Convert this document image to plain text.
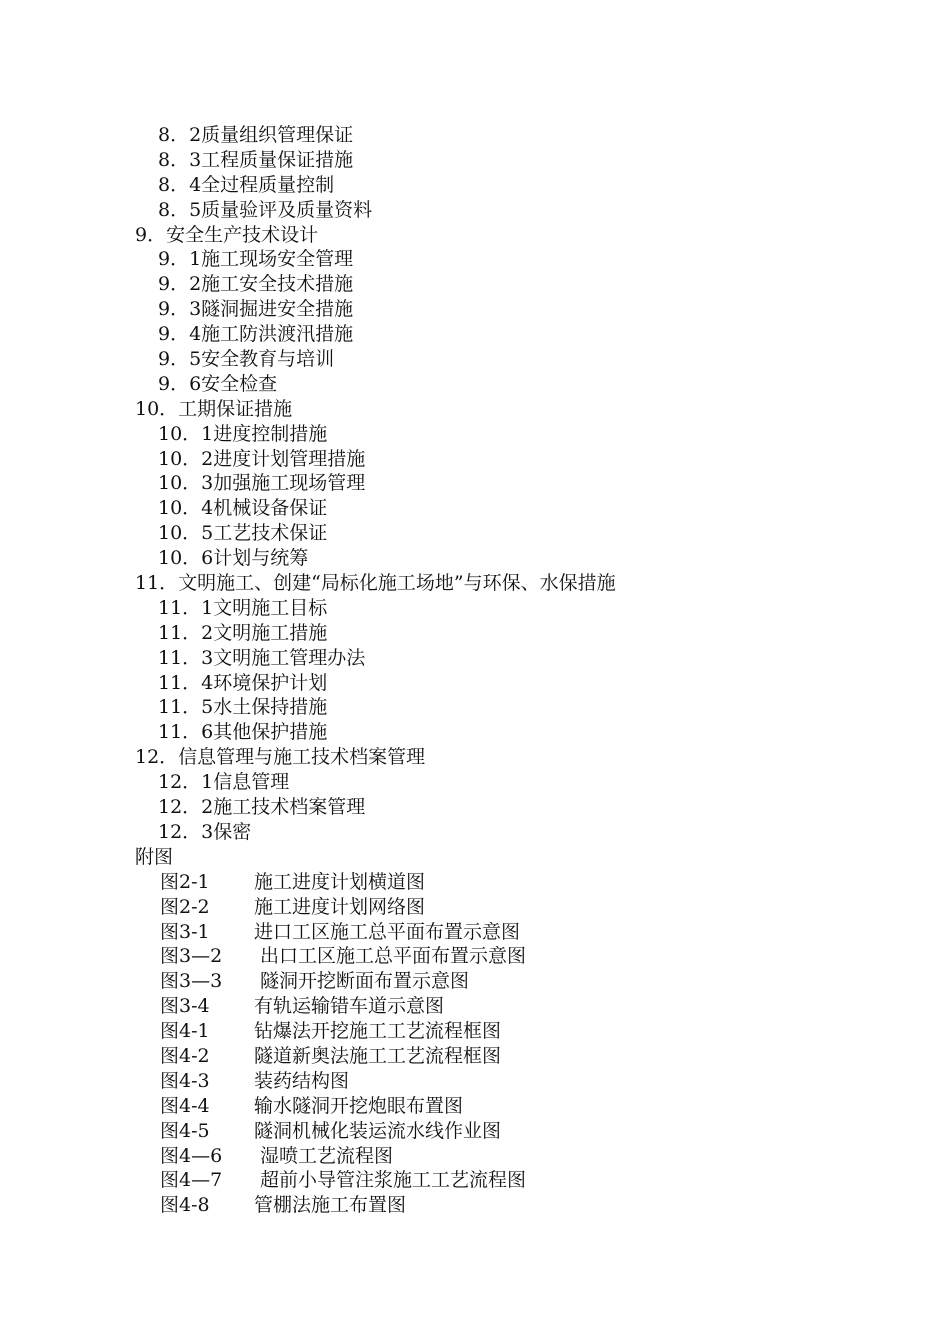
8．2质量组织管理保证
8．3工程质量保证措施
8．4全过程质量控制
8．5质量验评及质量资料
9．安全生产技术设计
9．1施工现场安全管理
9．2施工安全技术措施
9．3隧洞掘进安全措施
9．4施工防洪渡汛措施
9．5安全教育与培训
9．6安全检查
10．工期保证措施
10．1进度控制措施
10．2进度计划管理措施
10．3加强施工现场管理
10．4机械设备保证
10．5工艺技术保证
10．6计划与统筹
11．文明施工、创建“局标化施工场地”与环保、水保措施
11．1文明施工目标
11．2文明施工措施
11．3文明施工管理办法
11．4环境保护计划
11．5水土保持措施
11．6其他保护措施
12．信息管理与施工技术档案管理
12．1信息管理
12．2施工技术档案管理
12．3保密
附图
图2-1 施工进度计划横道图
图2-2 施工进度计划网络图
图3-1 进口工区施工总平面布置示意图
图3—2 出口工区施工总平面布置示意图
图3—3 隧洞开挖断面布置示意图
图3-4 有轨运输错车道示意图
图4-1 钻爆法开挖施工工艺流程框图
图4-2 隧道新奥法施工工艺流程框图
图4-3 装药结构图
图4-4 输水隧洞开挖炮眼布置图
图4-5 隧洞机械化装运流水线作业图
图4—6 湿喷工艺流程图
图4—7 超前小导管注浆施工工艺流程图
图4-8 管棚法施工布置图
